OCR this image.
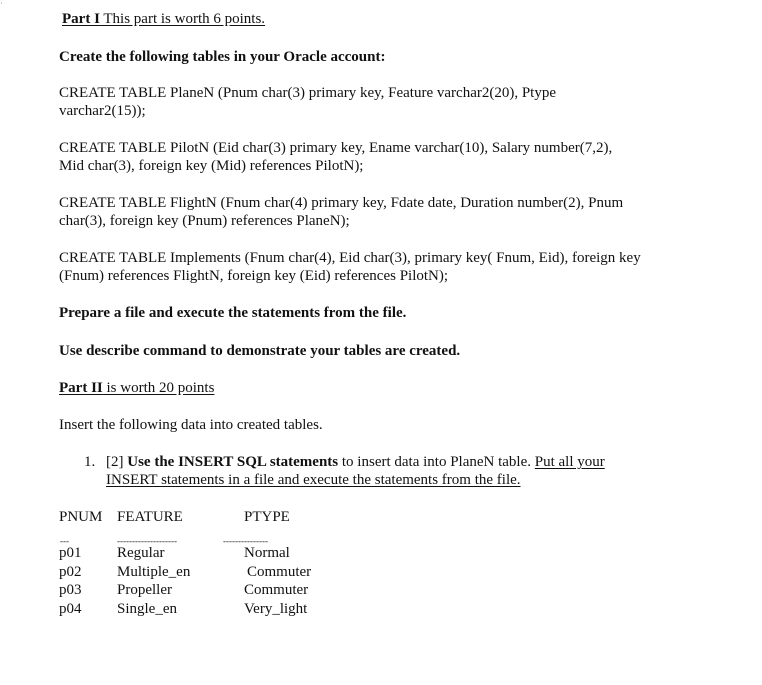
·
Part I This part is worth 6 points.
Create the following tables in your Oracle account:
CREATE TABLE PlaneN (Pnum char(3) primary key, Feature varchar2(20), Ptype
varchar2(15));
CREATE TABLE PilotN (Eid char(3) primary key, Ename varchar(10), Salary number(7,2),
Mid char(3), foreign key (Mid) references PilotN);
CREATE TABLE FlightN (Fnum char(4) primary key, Fdate date, Duration number(2), Pnum
char(3), foreign key (Pnum) references PlaneN);
CREATE TABLE Implements (Fnum char(4), Eid char(3), primary key( Fnum, Eid), foreign key
(Fnum) references FlightN, foreign key (Eid) references PilotN);
Prepare a file and execute the statements from the file.
Use describe command to demonstrate your tables are created.
Part II is worth 20 points
Insert the following data into created tables.
1. [2] Use the INSERT SQL statements to insert data into PlaneN table. Put all your
INSERT statements in a file and execute the statements from the file.
PNUM FEATURE	PTYPE
---	--------------------	---------------
p01 Regular	Normal
p02 Multiple_en	Commuter
p03 Propeller	Commuter
p04 Single_en	Very_light
